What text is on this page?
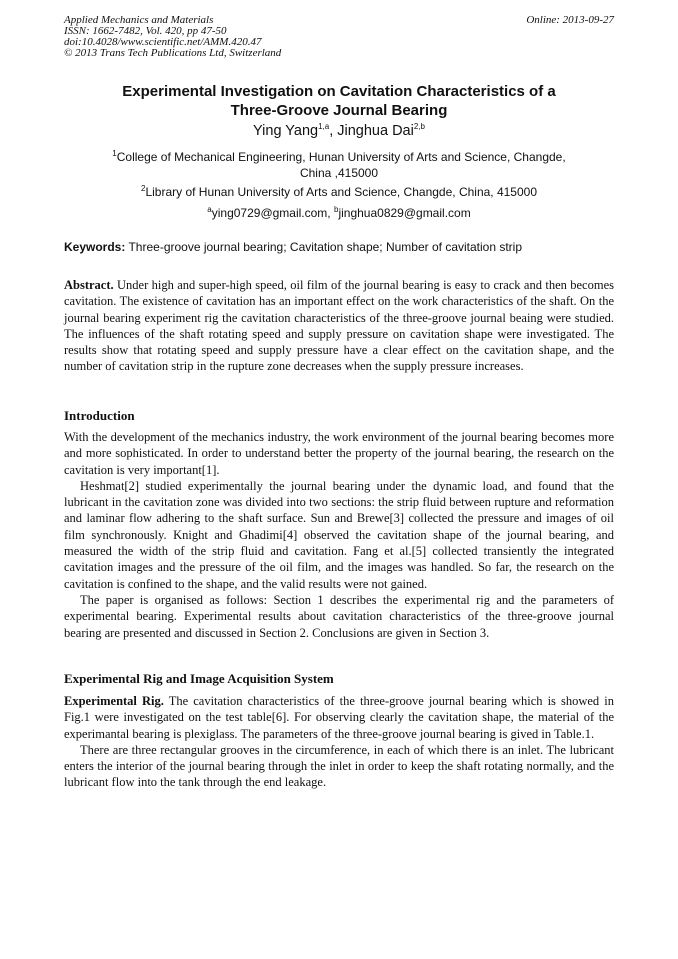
Applied Mechanics and Materials
ISSN: 1662-7482, Vol. 420, pp 47-50
doi:10.4028/www.scientific.net/AMM.420.47
© 2013 Trans Tech Publications Ltd, Switzerland
Online: 2013-09-27
Experimental Investigation on Cavitation Characteristics of a
Three-Groove Journal Bearing
Ying Yang$^{1,a}$, Jinghua Dai$^{2,b}$
$^1$College of Mechanical Engineering, Hunan University of Arts and Science, Changde,
China ,415000
$^2$Library of Hunan University of Arts and Science, Changde, China, 415000
$^a$ying0729@gmail.com, $^b$jinghua0829@gmail.com
Keywords: Three-groove journal bearing; Cavitation shape; Number of cavitation strip

Abstract. Under high and super-high speed, oil film of the journal bearing is easy to crack and then becomes cavitation. The existence of cavitation has an important effect on the work characteristics of the shaft. On the journal bearing experiment rig the cavitation characteristics of the three-groove journal beaing were studied. The influences of the shaft rotating speed and supply pressure on cavitation shape were investigated. The results show that rotating speed and supply pressure have a clear effect on the cavitation shape, and the number of cavitation strip in the rupture zone decreases when the supply pressure increases.

Introduction

With the development of the mechanics industry, the work environment of the journal bearing becomes more and more sophisticated. In order to understand better the property of the journal bearing, the research on the cavitation is very important[1].

Heshmat[2] studied experimentally the journal bearing under the dynamic load, and found that the lubricant in the cavitation zone was divided into two sections: the strip fluid between rupture and reformation and laminar flow adhering to the shaft surface. Sun and Brewe[3] collected the pressure and images of oil film synchronously. Knight and Ghadimi[4] observed the cavitation shape of the journal bearing, and measured the width of the strip fluid and cavitation. Fang et al.[5] collected transiently the integrated cavitation images and the pressure of the oil film, and the images was handled. So far, the research on the cavitation is confined to the shape, and the valid results were not gained.

The paper is organised as follows: Section 1 describes the experimental rig and the parameters of experimental bearing. Experimental results about cavitation characteristics of the three-groove journal bearing are presented and discussed in Section 2. Conclusions are given in Section 3.

Experimental Rig and Image Acquisition System

Experimental Rig. The cavitation characteristics of the three-groove journal bearing which is showed in Fig.1 were investigated on the test table[6]. For observing clearly the cavitation shape, the material of the experimantal bearing is plexiglass. The parameters of the three-groove journal bearing is gived in Table.1.

There are three rectangular grooves in the circumference, in each of which there is an inlet. The lubricant enters the interior of the journal bearing through the inlet in order to keep the shaft rotating normally, and the lubricant flow into the tank through the end leakage.
